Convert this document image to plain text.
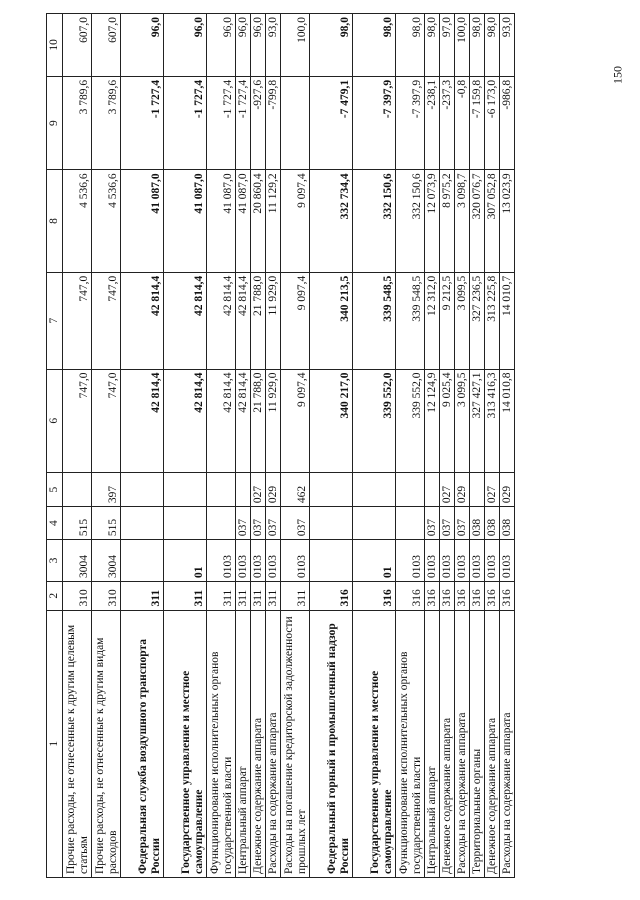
150
1	2	3	4	5	6	7	8	9	10
Прочие расходы, не отнесенные к другим целевым статьям	310	3004	515		747,0	747,0	4 536,6	3 789,6	607,0
Прочие расходы, не отнесенные к другим видам расходов	310	3004	515	397	747,0	747,0	4 536,6	3 789,6	607,0
Федеральная служба воздушного транспорта России	311				42 814,4	42 814,4	41 087,0	-1 727,4	96,0
Государственное управление и местное самоуправление	311	01			42 814,4	42 814,4	41 087,0	-1 727,4	96,0
Функционирование исполнительных органов государственной власти	311	0103			42 814,4	42 814,4	41 087,0	-1 727,4	96,0
Центральный аппарат	311	0103	037		42 814,4	42 814,4	41 087,0	-1 727,4	96,0
Денежное содержание аппарата	311	0103	037	027	21 788,0	21 788,0	20 860,4	-927,6	96,0
Расходы на содержание аппарата	311	0103	037	029	11 929,0	11 929,0	11 129,2	-799,8	93,0
Расходы на погашение кредиторской задолженности прошлых лет	311	0103	037	462	9 097,4	9 097,4	9 097,4		100,0
Федеральный горный и промышленный надзор России	316				340 217,0	340 213,5	332 734,4	-7 479,1	98,0
Государственное управление и местное самоуправление	316	01			339 552,0	339 548,5	332 150,6	-7 397,9	98,0
Функционирование исполнительных органов государственной власти	316	0103			339 552,0	339 548,5	332 150,6	-7 397,9	98,0
Центральный аппарат	316	0103	037		12 124,9	12 312,0	12 073,9	-238,1	98,0
Денежное содержание аппарата	316	0103	037	027	9 025,4	9 212,5	8 975,2	-237,3	97,0
Расходы на содержание аппарата	316	0103	037	029	3 099,5	3 099,5	3 098,7	-0,8	100,0
Территориальные органы	316	0103	038		327 427,1	327 236,5	320 076,7	-7 159,8	98,0
Денежное содержание аппарата	316	0103	038	027	313 416,3	313 225,8	307 052,8	-6 173,0	98,0
Расходы на содержание аппарата	316	0103	038	029	14 010,8	14 010,7	13 023,9	-986,8	93,0
